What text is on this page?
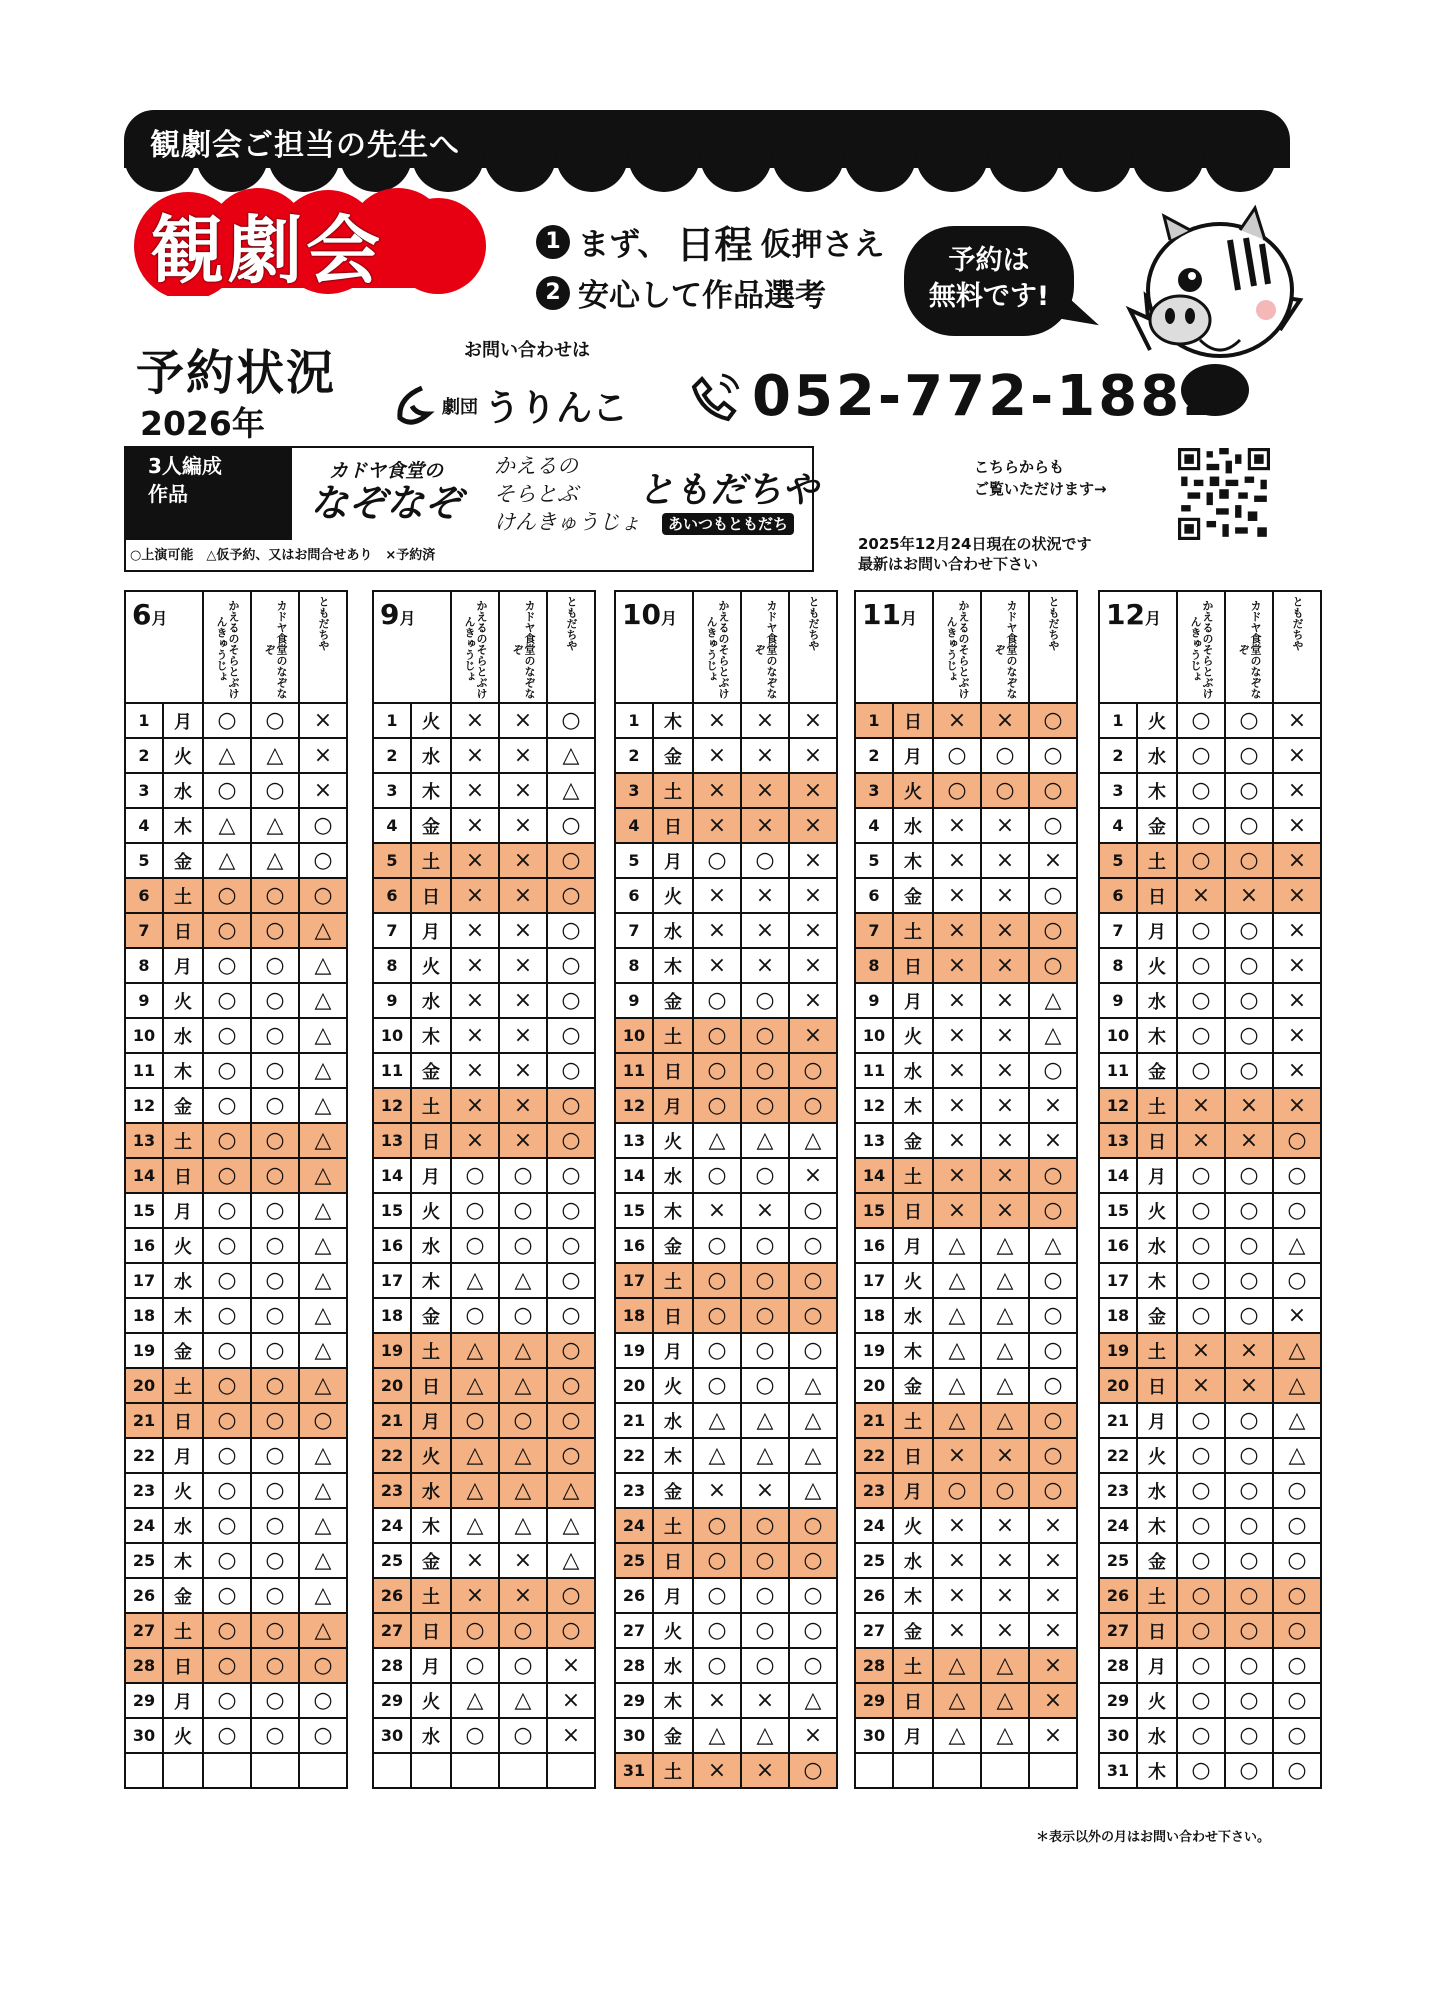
観劇会ご担当の先生へ
観劇会	1 まず、 日程 仮押さえ
2 安心して作品選考
予約は
無料です!
予約状況
2026年
お問い合わせは
劇団 うりんこ 052-772-1882
3人編成
作品
カドヤ食堂の
なぞなぞ
かえるの
そらとぶ
けんきゅうじょ
ともだちや
あいつもともだち
○上演可能　△仮予約、又はお問合せあり　×予約済
こちらからも
ご覧いただけます→
2025年12月24日現在の状況です
最新はお問い合わせ下さい
6月		かえるのそらとぶけんきゅうじょ	カドヤ食堂のなぞなぞ	ともだちや

1	月	○	○	×
2	火	△	△	×
3	水	○	○	×
4	木	△	△	○
5	金	△	△	○
6	土	○	○	○
7	日	○	○	△
8	月	○	○	△
9	火	○	○	△
10	水	○	○	△
11	木	○	○	△
12	金	○	○	△
13	土	○	○	△
14	日	○	○	△
15	月	○	○	△
16	火	○	○	△
17	水	○	○	△
18	木	○	○	△
19	金	○	○	△
20	土	○	○	△
21	日	○	○	○
22	月	○	○	△
23	火	○	○	△
24	水	○	○	△
25	木	○	○	△
26	金	○	○	△
27	土	○	○	△
28	日	○	○	○
29	月	○	○	○
30	火	○	○	○

9月		かえるのそらとぶけんきゅうじょ	カドヤ食堂のなぞなぞ	ともだちや

1	火	×	×	○
2	水	×	×	△
3	木	×	×	△
4	金	×	×	○
5	土	×	×	○
6	日	×	×	○
7	月	×	×	○
8	火	×	×	○
9	水	×	×	○
10	木	×	×	○
11	金	×	×	○
12	土	×	×	○
13	日	×	×	○
14	月	○	○	○
15	火	○	○	○
16	水	○	○	○
17	木	△	△	○
18	金	○	○	○
19	土	△	△	○
20	日	△	△	○
21	月	○	○	○
22	火	△	△	○
23	水	△	△	△
24	木	△	△	△
25	金	×	×	△
26	土	×	×	○
27	日	○	○	○
28	月	○	○	×
29	火	△	△	×
30	水	○	○	×

10月		かえるのそらとぶけんきゅうじょ	カドヤ食堂のなぞなぞ	ともだちや

1	木	×	×	×
2	金	×	×	×
3	土	×	×	×
4	日	×	×	×
5	月	○	○	×
6	火	×	×	×
7	水	×	×	×
8	木	×	×	×
9	金	○	○	×
10	土	○	○	×
11	日	○	○	○
12	月	○	○	○
13	火	△	△	△
14	水	○	○	×
15	木	×	×	○
16	金	○	○	○
17	土	○	○	○
18	日	○	○	○
19	月	○	○	○
20	火	○	○	△
21	水	△	△	△
22	木	△	△	△
23	金	×	×	△
24	土	○	○	○
25	日	○	○	○
26	月	○	○	○
27	火	○	○	○
28	水	○	○	○
29	木	×	×	△
30	金	△	△	×
31	土	×	×	○
11月		かえるのそらとぶけんきゅうじょ	カドヤ食堂のなぞなぞ	ともだちや

1	日	×	×	○
2	月	○	○	○
3	火	○	○	○
4	水	×	×	○
5	木	×	×	×
6	金	×	×	○
7	土	×	×	○
8	日	×	×	○
9	月	×	×	△
10	火	×	×	△
11	水	×	×	○
12	木	×	×	×
13	金	×	×	×
14	土	×	×	○
15	日	×	×	○
16	月	△	△	△
17	火	△	△	○
18	水	△	△	○
19	木	△	△	○
20	金	△	△	○
21	土	△	△	○
22	日	×	×	○
23	月	○	○	○
24	火	×	×	×
25	水	×	×	×
26	木	×	×	×
27	金	×	×	×
28	土	△	△	×
29	日	△	△	×
30	月	△	△	×

12月		かえるのそらとぶけんきゅうじょ	カドヤ食堂のなぞなぞ	ともだちや

1	火	○	○	×
2	水	○	○	×
3	木	○	○	×
4	金	○	○	×
5	土	○	○	×
6	日	×	×	×
7	月	○	○	×
8	火	○	○	×
9	水	○	○	×
10	木	○	○	×
11	金	○	○	×
12	土	×	×	×
13	日	×	×	○
14	月	○	○	○
15	火	○	○	○
16	水	○	○	△
17	木	○	○	○
18	金	○	○	×
19	土	×	×	△
20	日	×	×	△
21	月	○	○	△
22	火	○	○	△
23	水	○	○	○
24	木	○	○	○
25	金	○	○	○
26	土	○	○	○
27	日	○	○	○
28	月	○	○	○
29	火	○	○	○
30	水	○	○	○
31	木	○	○	○
＊表示以外の月はお問い合わせ下さい。
